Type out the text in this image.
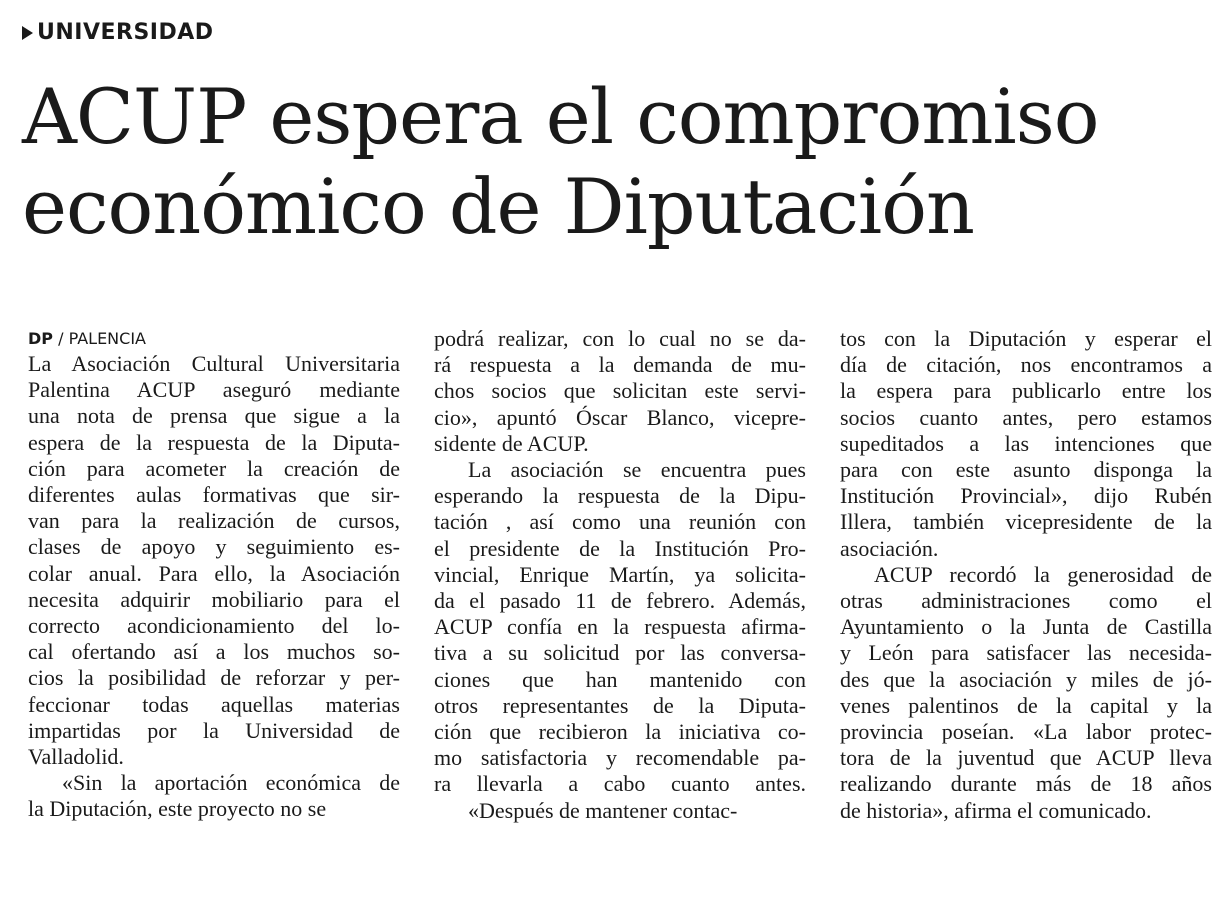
UNIVERSIDAD
ACUP espera el compromiso
económico de Diputación
DP / PALENCIA
La Asociación Cultural Universitaria
Palentina ACUP aseguró mediante
una nota de prensa que sigue a la
espera de la respuesta de la Diputa-
ción para acometer la creación de
diferentes aulas formativas que sir-
van para la realización de cursos,
clases de apoyo y seguimiento es-
colar anual. Para ello, la Asociación
necesita adquirir mobiliario para el
correcto acondicionamiento del lo-
cal ofertando así a los muchos so-
cios la posibilidad de reforzar y per-
feccionar todas aquellas materias
impartidas por la Universidad de
Valladolid.
«Sin la aportación económica de
la Diputación, este proyecto no se
podrá realizar, con lo cual no se da-
rá respuesta a la demanda de mu-
chos socios que solicitan este servi-
cio», apuntó Óscar Blanco, vicepre-
sidente de ACUP.
La asociación se encuentra pues
esperando la respuesta de la Dipu-
tación , así como una reunión con
el presidente de la Institución Pro-
vincial, Enrique Martín, ya solicita-
da el pasado 11 de febrero. Además,
ACUP confía en la respuesta afirma-
tiva a su solicitud por las conversa-
ciones que han mantenido con
otros representantes de la Diputa-
ción que recibieron la iniciativa co-
mo satisfactoria y recomendable pa-
ra llevarla a cabo cuanto antes.
«Después de mantener contac-
tos con la Diputación y esperar el
día de citación, nos encontramos a
la espera para publicarlo entre los
socios cuanto antes, pero estamos
supeditados a las intenciones que
para con este asunto disponga la
Institución Provincial», dijo Rubén
Illera, también vicepresidente de la
asociación.
ACUP recordó la generosidad de
otras administraciones como el
Ayuntamiento o la Junta de Castilla
y León para satisfacer las necesida-
des que la asociación y miles de jó-
venes palentinos de la capital y la
provincia poseían. «La labor protec-
tora de la juventud que ACUP lleva
realizando durante más de 18 años
de historia», afirma el comunicado.
